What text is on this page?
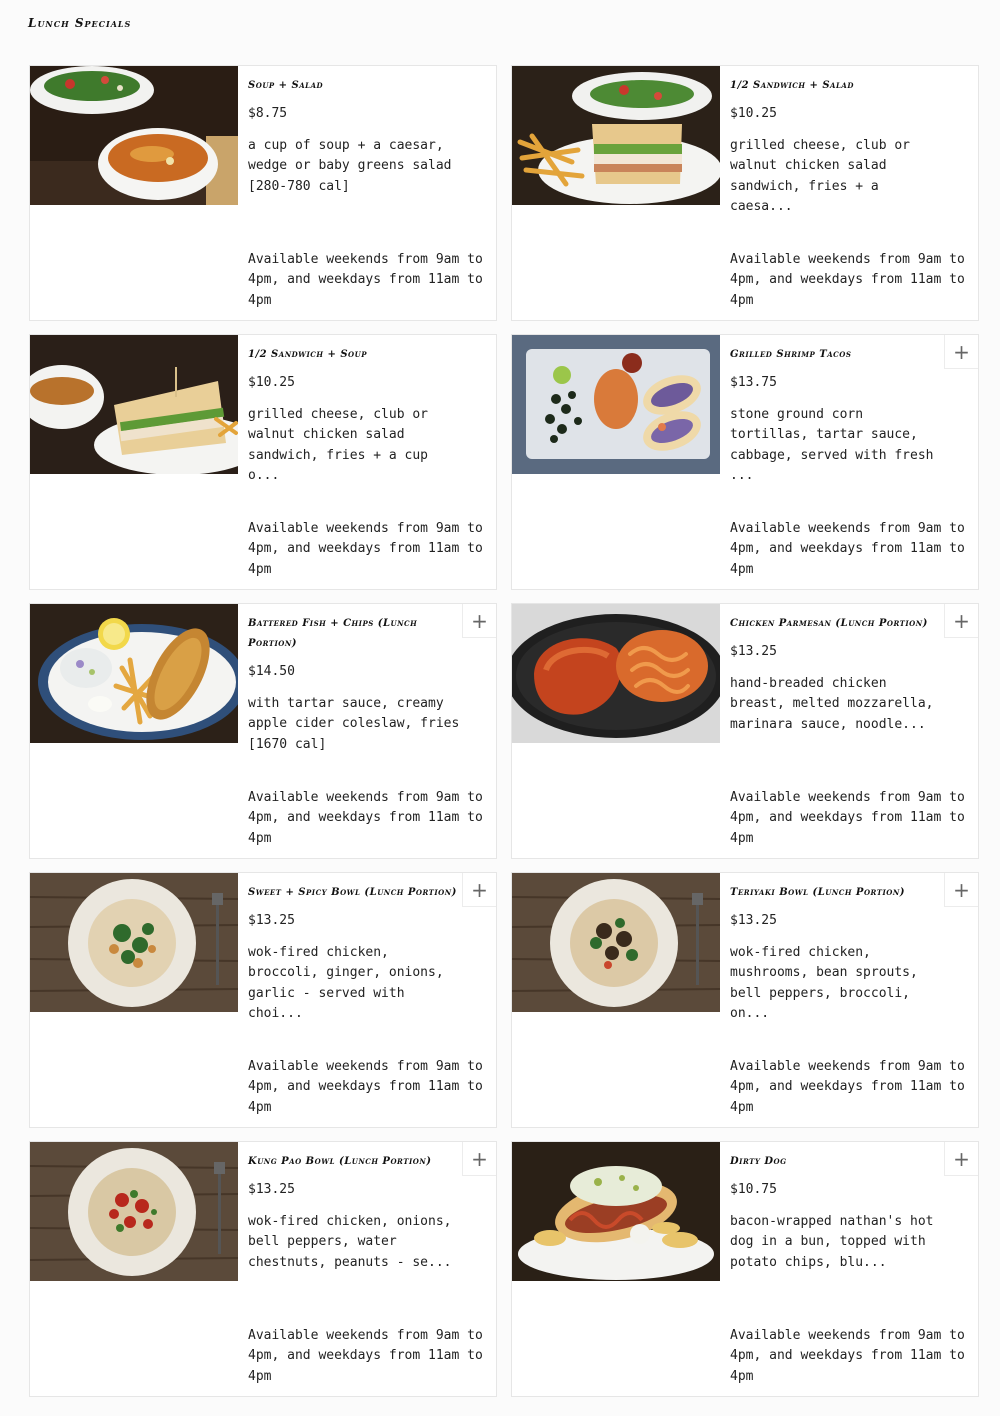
Lunch Specials
Soup + Salad
$8.75
a cup of soup + a caesar,
wedge or baby greens salad
[280-780 cal]
Available weekends from 9am to 4pm, and weekdays from 11am to 4pm
1/2 Sandwich + Salad
$10.25
grilled cheese, club or
walnut chicken salad
sandwich, fries + a
caesa...
Available weekends from 9am to 4pm, and weekdays from 11am to 4pm
1/2 Sandwich + Soup
$10.25
grilled cheese, club or
walnut chicken salad
sandwich, fries + a cup
o...
Available weekends from 9am to 4pm, and weekdays from 11am to 4pm
Grilled Shrimp Tacos
$13.75
stone ground corn
tortillas, tartar sauce,
cabbage, served with fresh
...
Available weekends from 9am to 4pm, and weekdays from 11am to 4pm
+
Battered Fish + Chips (Lunch Portion)
$14.50
with tartar sauce, creamy
apple cider coleslaw, fries
[1670 cal]
Available weekends from 9am to 4pm, and weekdays from 11am to 4pm
+	Chicken Parmesan (Lunch Portion)
$13.25
hand-breaded chicken
breast, melted mozzarella,
marinara sauce, noodle...
Available weekends from 9am to 4pm, and weekdays from 11am to 4pm
+
Sweet + Spicy Bowl (Lunch Portion)
$13.25
wok-fired chicken,
broccoli, ginger, onions,
garlic - served with
choi...
Available weekends from 9am to 4pm, and weekdays from 11am to 4pm
+	Teriyaki Bowl (Lunch Portion)
$13.25
wok-fired chicken,
mushrooms, bean sprouts,
bell peppers, broccoli,
on...
Available weekends from 9am to 4pm, and weekdays from 11am to 4pm
+
Kung Pao Bowl (Lunch Portion)
$13.25
wok-fired chicken, onions,
bell peppers, water
chestnuts, peanuts - se...
Available weekends from 9am to 4pm, and weekdays from 11am to 4pm
+	Dirty Dog
$10.75
bacon-wrapped nathan's hot
dog in a bun, topped with
potato chips, blu...
Available weekends from 9am to 4pm, and weekdays from 11am to 4pm
+
